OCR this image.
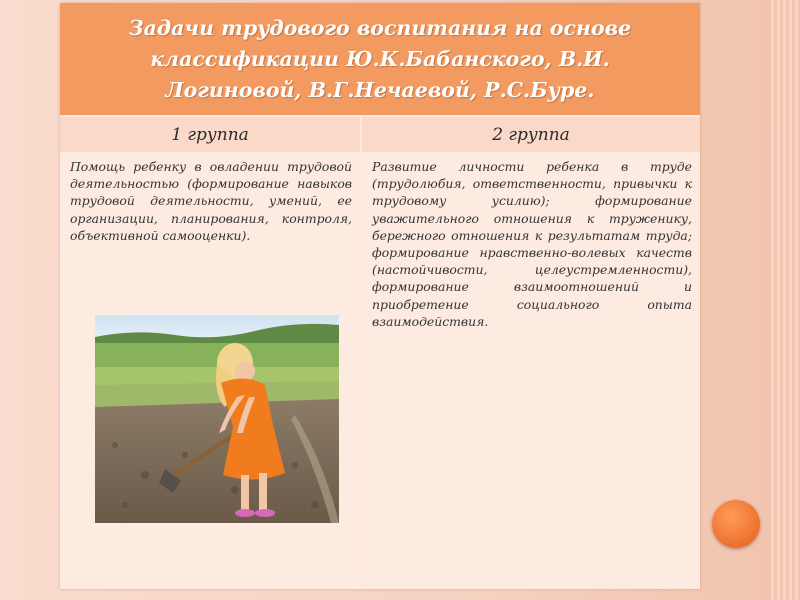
Задачи трудового воспитания на основе классификации Ю.К.Бабанского, В.И. Логиновой, В.Г.Нечаевой, Р.С.Буре.

1 группа	2 группа

Помощь ребенку в овладении трудовой деятельностью (формирование навыков трудовой деятельности, умений, ее организации, планирования, контроля, объективной самооценки).

Развитие личности ребенка в труде (трудолюбия, ответственности, привычки к трудовому усилию); формирование уважительного отношения к труженику, бережного отношения к результатам труда; формирование нравственно-волевых качеств (настойчивости, целеустремленности), формирование взаимоотношений и приобретение социального опыта взаимодействия.
